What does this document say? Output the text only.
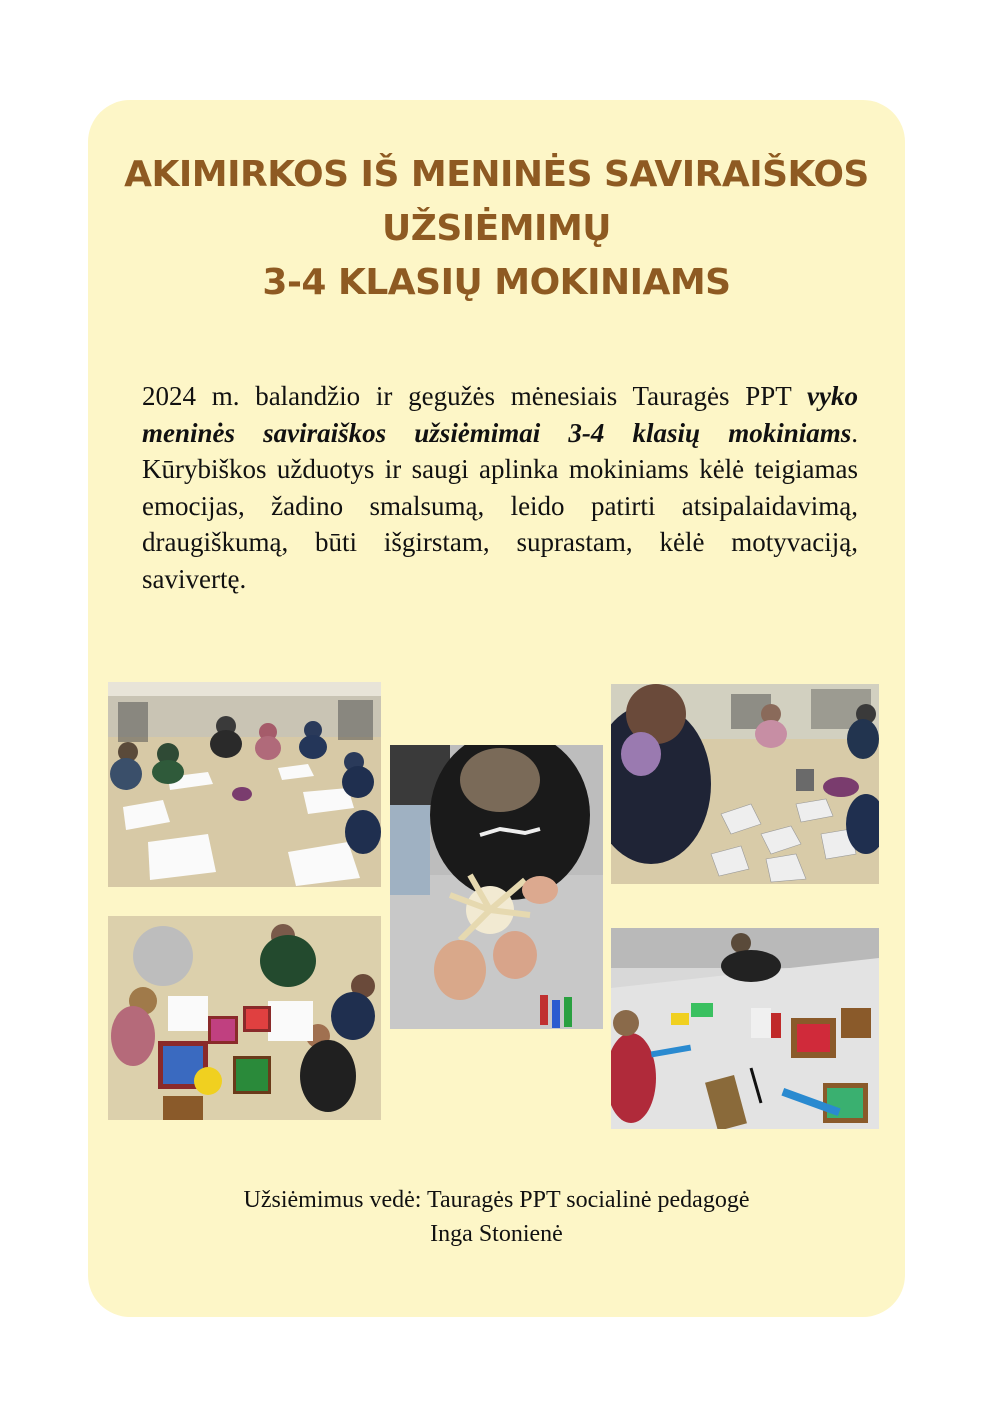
AKIMIRKOS IŠ MENINĖS SAVIRAIŠKOS
UŽSIĖMIMŲ
3-4 KLASIŲ MOKINIAMS
2024 m. balandžio ir gegužės mėnesiais Tauragės PPT vyko meninės saviraiškos užsiėmimai 3-4 klasių mokiniams. Kūrybiškos užduotys ir saugi aplinka mokiniams kėlė teigiamas emocijas, žadino smalsumą, leido patirti atsipalaidavimą, draugiškumą, būti išgirstam, suprastam, kėlė motyvaciją, savivertę.
Užsiėmimus vedė: Tauragės PPT socialinė pedagogė
Inga Stonienė
